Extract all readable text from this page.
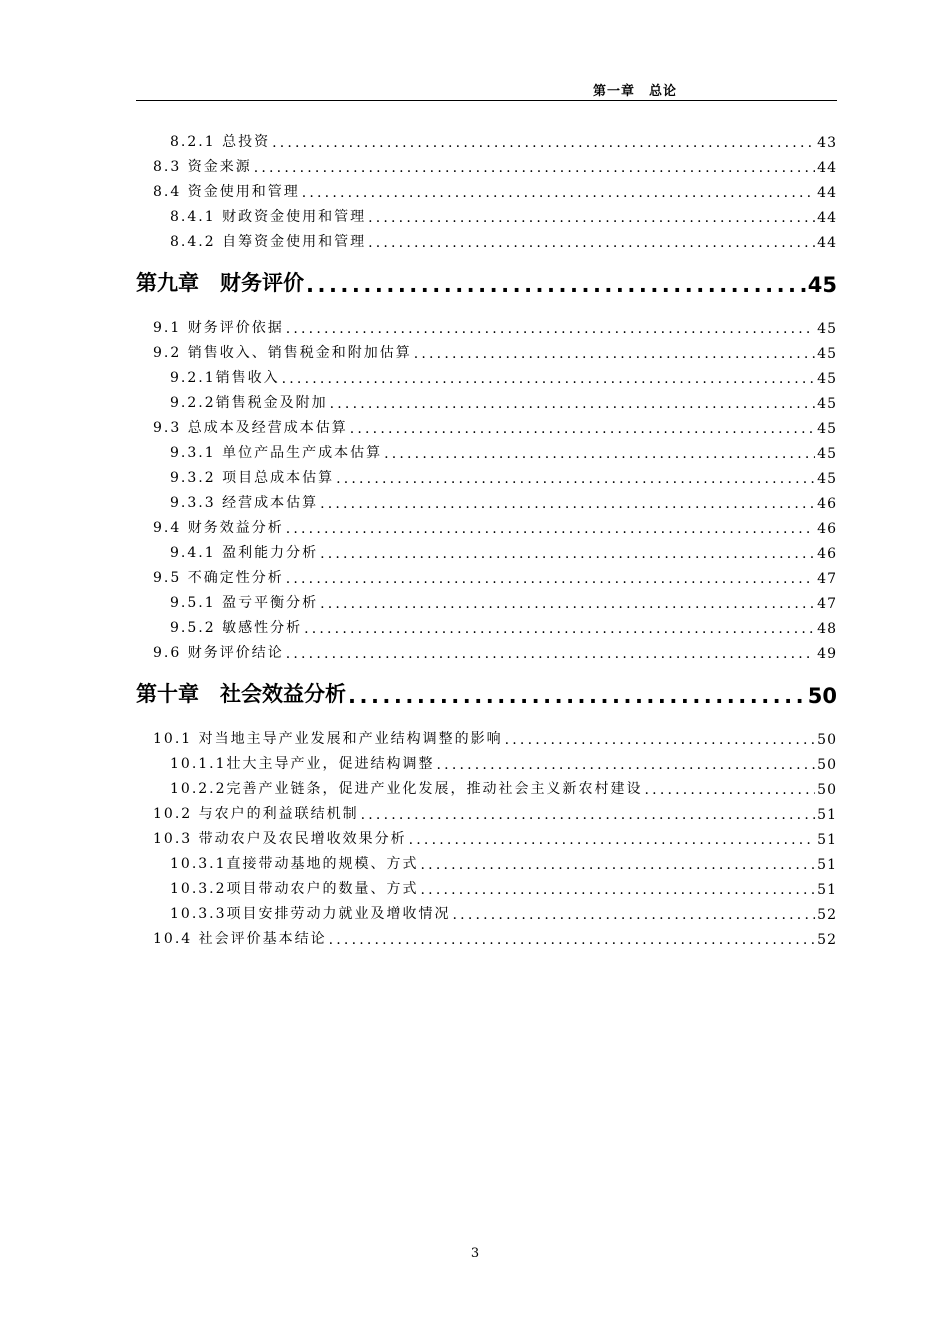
第一章　总论
8.2.1 总投资 .....	43
8.3 资金来源 .....	44
8.4 资金使用和管理 .....	44
8.4.1 财政资金使用和管理 .....	44
8.4.2 自筹资金使用和管理 .....	44
第九章　财务评价 .....	45
9.1 财务评价依据 .....	45
9.2 销售收入、销售税金和附加估算 .....	45
9.2.1销售收入 .....	45
9.2.2销售税金及附加 .....	45
9.3 总成本及经营成本估算 .....	45
9.3.1 单位产品生产成本估算 .....	45
9.3.2 项目总成本估算 .....	45
9.3.3 经营成本估算 .....	46
9.4 财务效益分析 .....	46
9.4.1 盈利能力分析 .....	46
9.5 不确定性分析 .....	47
9.5.1 盈亏平衡分析 .....	47
9.5.2 敏感性分析 .....	48
9.6 财务评价结论 .....	49
第十章　社会效益分析 .....	50
10.1 对当地主导产业发展和产业结构调整的影响 .....	50
10.1.1壮大主导产业，促进结构调整 .....	50
10.2.2完善产业链条，促进产业化发展，推动社会主义新农村建设 .....	50
10.2 与农户的利益联结机制 .....	51
10.3 带动农户及农民增收效果分析 .....	51
10.3.1直接带动基地的规模、方式 .....	51
10.3.2项目带动农户的数量、方式 .....	51
10.3.3项目安排劳动力就业及增收情况 .....	52
10.4 社会评价基本结论 .....	52
3
